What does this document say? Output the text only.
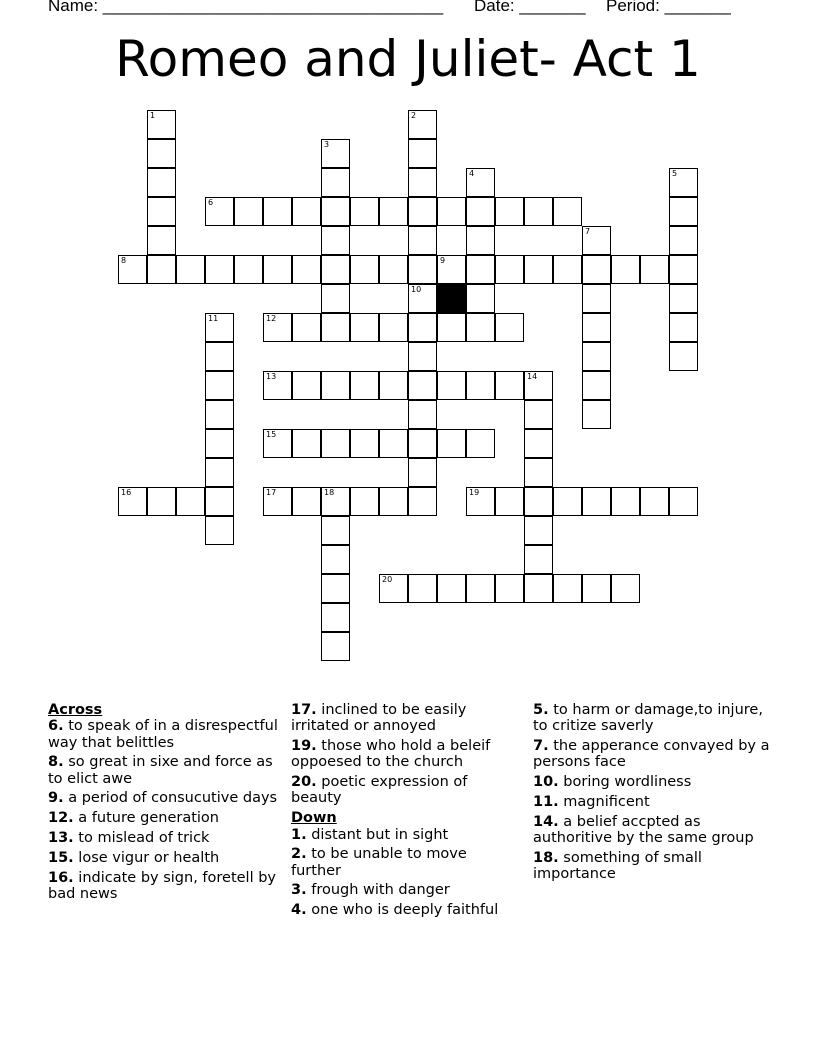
Name: ____________________________________ Date: _______ Period: _______
Romeo and Juliet- Act 1
1	2
3
4	5
6
7
8	9
10
11	12
13	14
15
16	17	18	19
20
Across
6. to speak of in a disrespectful way that belittles
8. so great in sixe and force as to elict awe
9. a period of consucutive days
12. a future generation
13. to mislead of trick
15. lose vigur or health
16. indicate by sign, foretell by bad news
17. inclined to be easily irritated or annoyed
19. those who hold a beleif oppoesed to the church
20. poetic expression of beauty
Down
1. distant but in sight
2. to be unable to move further
3. frough with danger
4. one who is deeply faithful
5. to harm or damage,to injure, to critize saverly
7. the apperance convayed by a persons face
10. boring wordliness
11. magnificent
14. a belief accpted as authoritive by the same group
18. something of small importance
